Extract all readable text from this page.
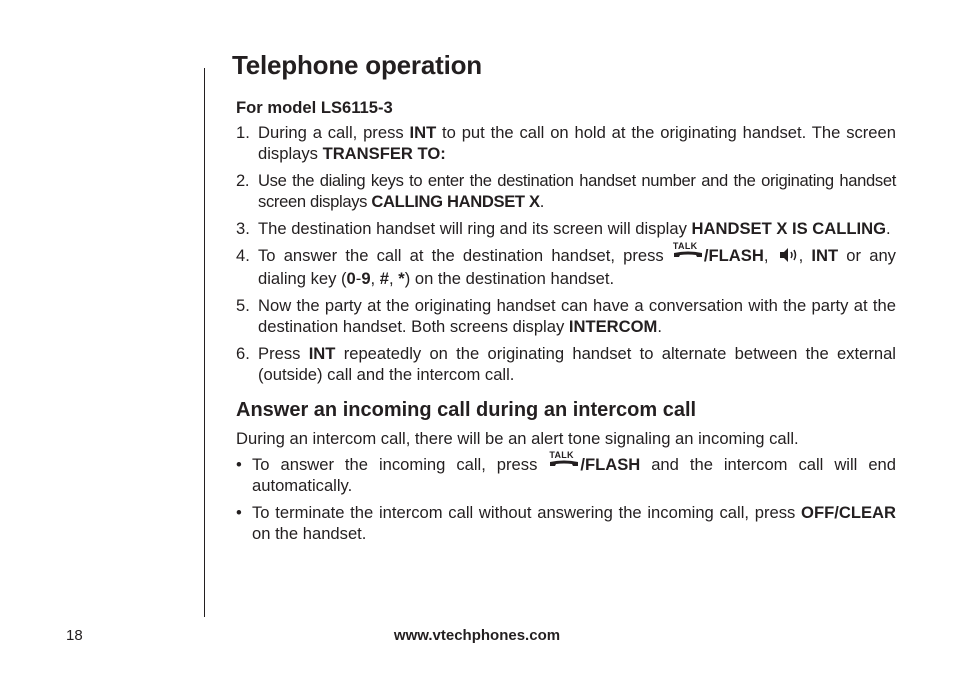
Telephone operation
For model LS6115-3
1. During a call, press INT to put the call on hold at the originating handset. The screen displays TRANSFER TO:
2. Use the dialing keys to enter the destination handset number and the originating handset screen displays CALLING HANDSET X.
3. The destination handset will ring and its screen will display HANDSET X IS CALLING.
4. To answer the call at the destination handset, press TALK /FLASH, , INT or any dialing key (0-9, #, *) on the destination handset.
5. Now the party at the originating handset can have a conversation with the party at the destination handset. Both screens display INTERCOM.
6. Press INT repeatedly on the originating handset to alternate between the external (outside) call and the intercom call.
Answer an incoming call during an intercom call

During an intercom call, there will be an alert tone signaling an incoming call.

• To answer the incoming call, press TALK /FLASH and the intercom call will end automatically.
• To terminate the intercom call without answering the incoming call, press OFF/CLEAR on the handset.
18	www.vtechphones.com
